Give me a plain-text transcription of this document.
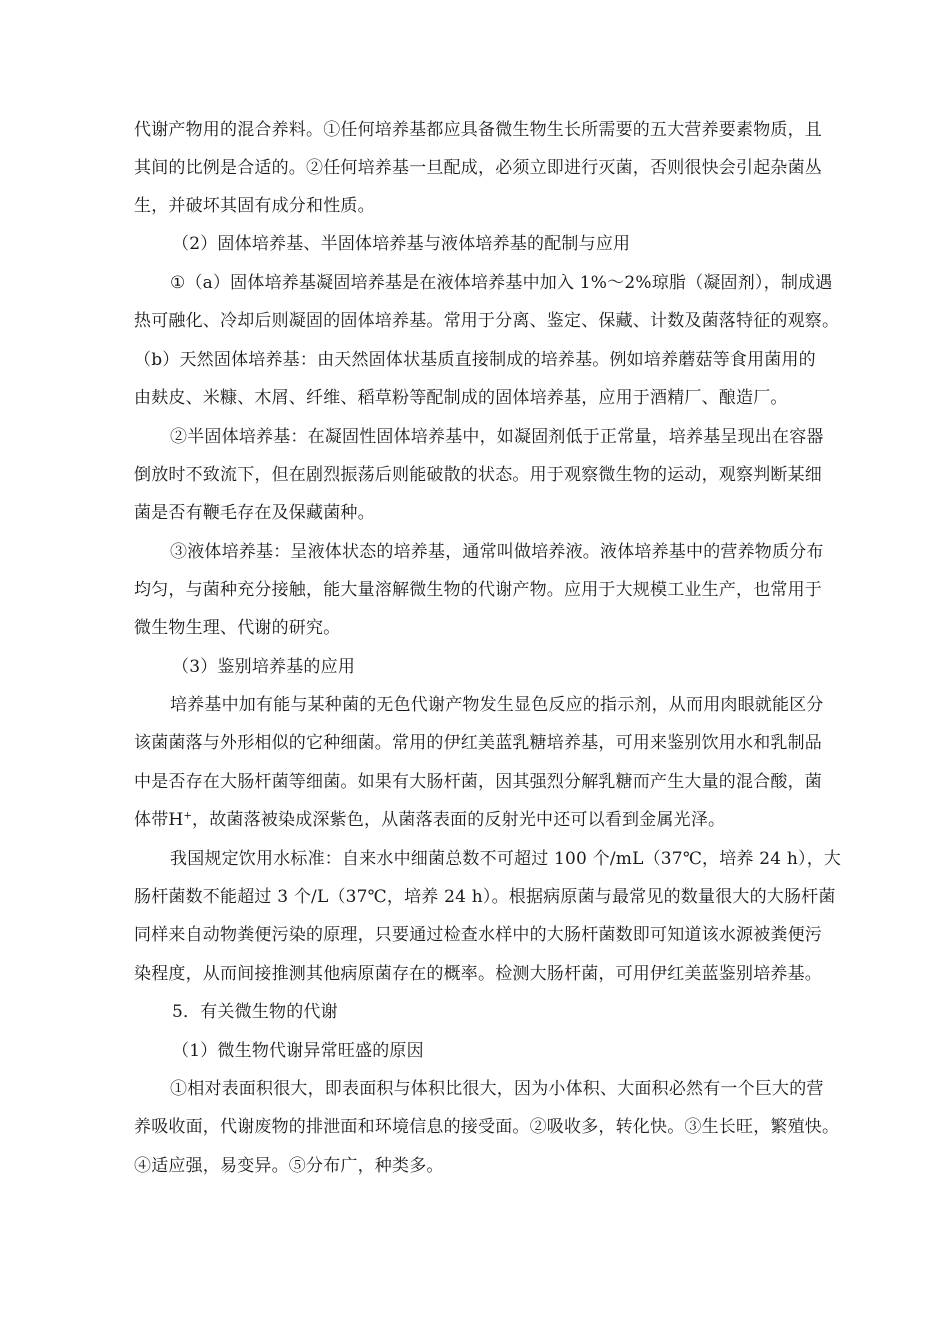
代谢产物用的混合养料。①任何培养基都应具备微生物生长所需要的五大营养要素物质，且
其间的比例是合适的。②任何培养基一旦配成，必须立即进行灭菌，否则很快会引起杂菌丛
生，并破坏其固有成分和性质。
（2）固体培养基、半固体培养基与液体培养基的配制与应用
①（a）固体培养基凝固培养基是在液体培养基中加入 1%～2%琼脂（凝固剂），制成遇
热可融化、冷却后则凝固的固体培养基。常用于分离、鉴定、保藏、计数及菌落特征的观察。
（b）天然固体培养基：由天然固体状基质直接制成的培养基。例如培养蘑菇等食用菌用的
由麸皮、米糠、木屑、纤维、稻草粉等配制成的固体培养基，应用于酒精厂、酿造厂。
②半固体培养基：在凝固性固体培养基中，如凝固剂低于正常量，培养基呈现出在容器
倒放时不致流下，但在剧烈振荡后则能破散的状态。用于观察微生物的运动，观察判断某细
菌是否有鞭毛存在及保藏菌种。
③液体培养基：呈液体状态的培养基，通常叫做培养液。液体培养基中的营养物质分布
均匀，与菌种充分接触，能大量溶解微生物的代谢产物。应用于大规模工业生产，也常用于
微生物生理、代谢的研究。
（3）鉴别培养基的应用
培养基中加有能与某种菌的无色代谢产物发生显色反应的指示剂，从而用肉眼就能区分
该菌菌落与外形相似的它种细菌。常用的伊红美蓝乳糖培养基，可用来鉴别饮用水和乳制品
中是否存在大肠杆菌等细菌。如果有大肠杆菌，因其强烈分解乳糖而产生大量的混合酸，菌
体带H+，故菌落被染成深紫色，从菌落表面的反射光中还可以看到金属光泽。
我国规定饮用水标准：自来水中细菌总数不可超过 100 个/mL（37℃，培养 24 h），大
肠杆菌数不能超过 3 个/L（37℃，培养 24 h）。根据病原菌与最常见的数量很大的大肠杆菌
同样来自动物粪便污染的原理，只要通过检查水样中的大肠杆菌数即可知道该水源被粪便污
染程度，从而间接推测其他病原菌存在的概率。检测大肠杆菌，可用伊红美蓝鉴别培养基。
5．有关微生物的代谢
（1）微生物代谢异常旺盛的原因
①相对表面积很大，即表面积与体积比很大，因为小体积、大面积必然有一个巨大的营
养吸收面，代谢废物的排泄面和环境信息的接受面。②吸收多，转化快。③生长旺，繁殖快。
④适应强，易变异。⑤分布广，种类多。
